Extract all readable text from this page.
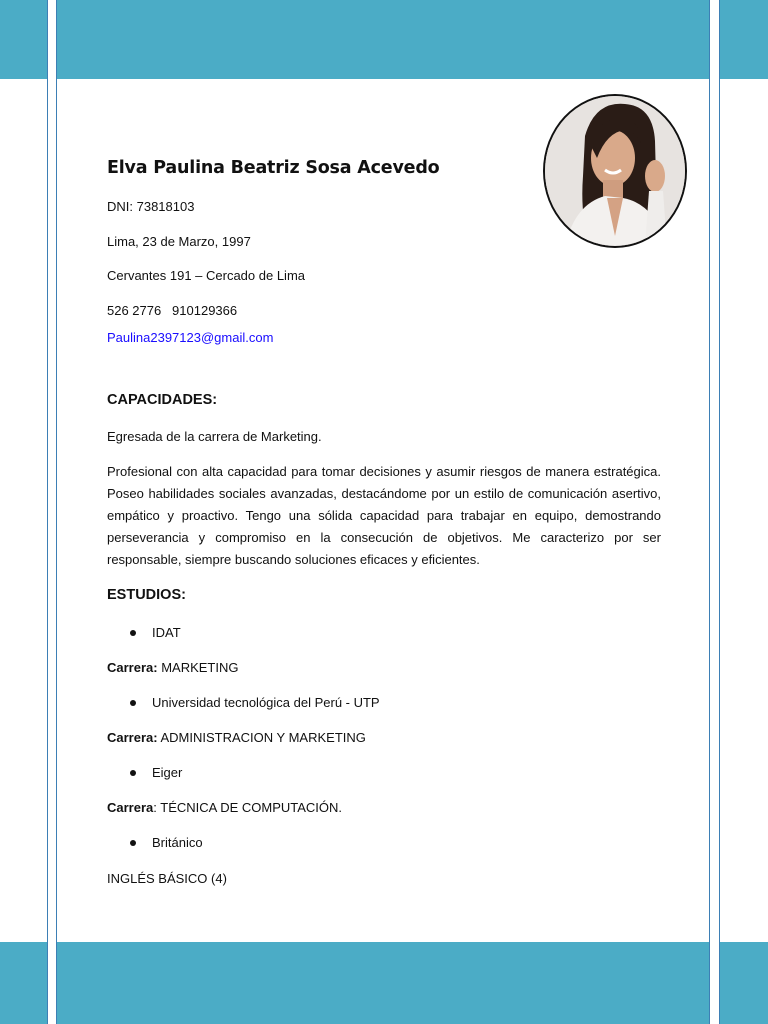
Elva Paulina Beatriz Sosa Acevedo
DNI: 73818103
Lima, 23 de Marzo, 1997
Cervantes 191 – Cercado de Lima
526 2776   910129366
Paulina2397123@gmail.com
CAPACIDADES:
Egresada de la carrera de Marketing.
Profesional con alta capacidad para tomar decisiones y asumir riesgos de manera estratégica. Poseo habilidades sociales avanzadas, destacándome por un estilo de comunicación asertivo, empático y proactivo. Tengo una sólida capacidad para trabajar en equipo, demostrando perseverancia y compromiso en la consecución de objetivos. Me caracterizo por ser responsable, siempre buscando soluciones eficaces y eficientes.
ESTUDIOS:
IDAT
Carrera: MARKETING
Universidad tecnológica del Perú - UTP
Carrera: ADMINISTRACION Y MARKETING
Eiger
Carrera: TÉCNICA DE COMPUTACIÓN.
Británico
INGLÉS BÁSICO (4)
